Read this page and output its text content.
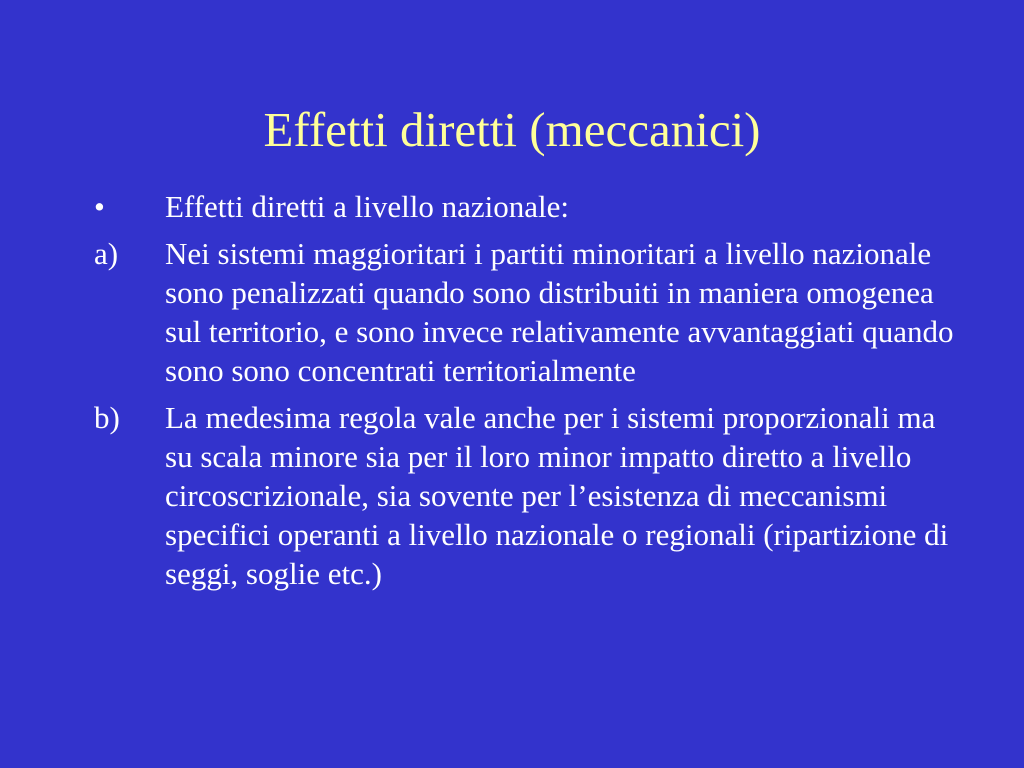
Effetti diretti (meccanici)
• Effetti diretti a livello nazionale:
a) Nei sistemi maggioritari i partiti minoritari a livello nazionale sono penalizzati quando sono distribuiti in maniera omogenea sul territorio, e sono invece relativamente avvantaggiati quando sono sono concentrati territorialmente
b) La medesima regola vale anche per i sistemi proporzionali ma su scala minore sia per il loro minor impatto diretto a livello circoscrizionale, sia sovente per l’esistenza di meccanismi specifici operanti a livello nazionale o regionali (ripartizione di seggi, soglie etc.)
